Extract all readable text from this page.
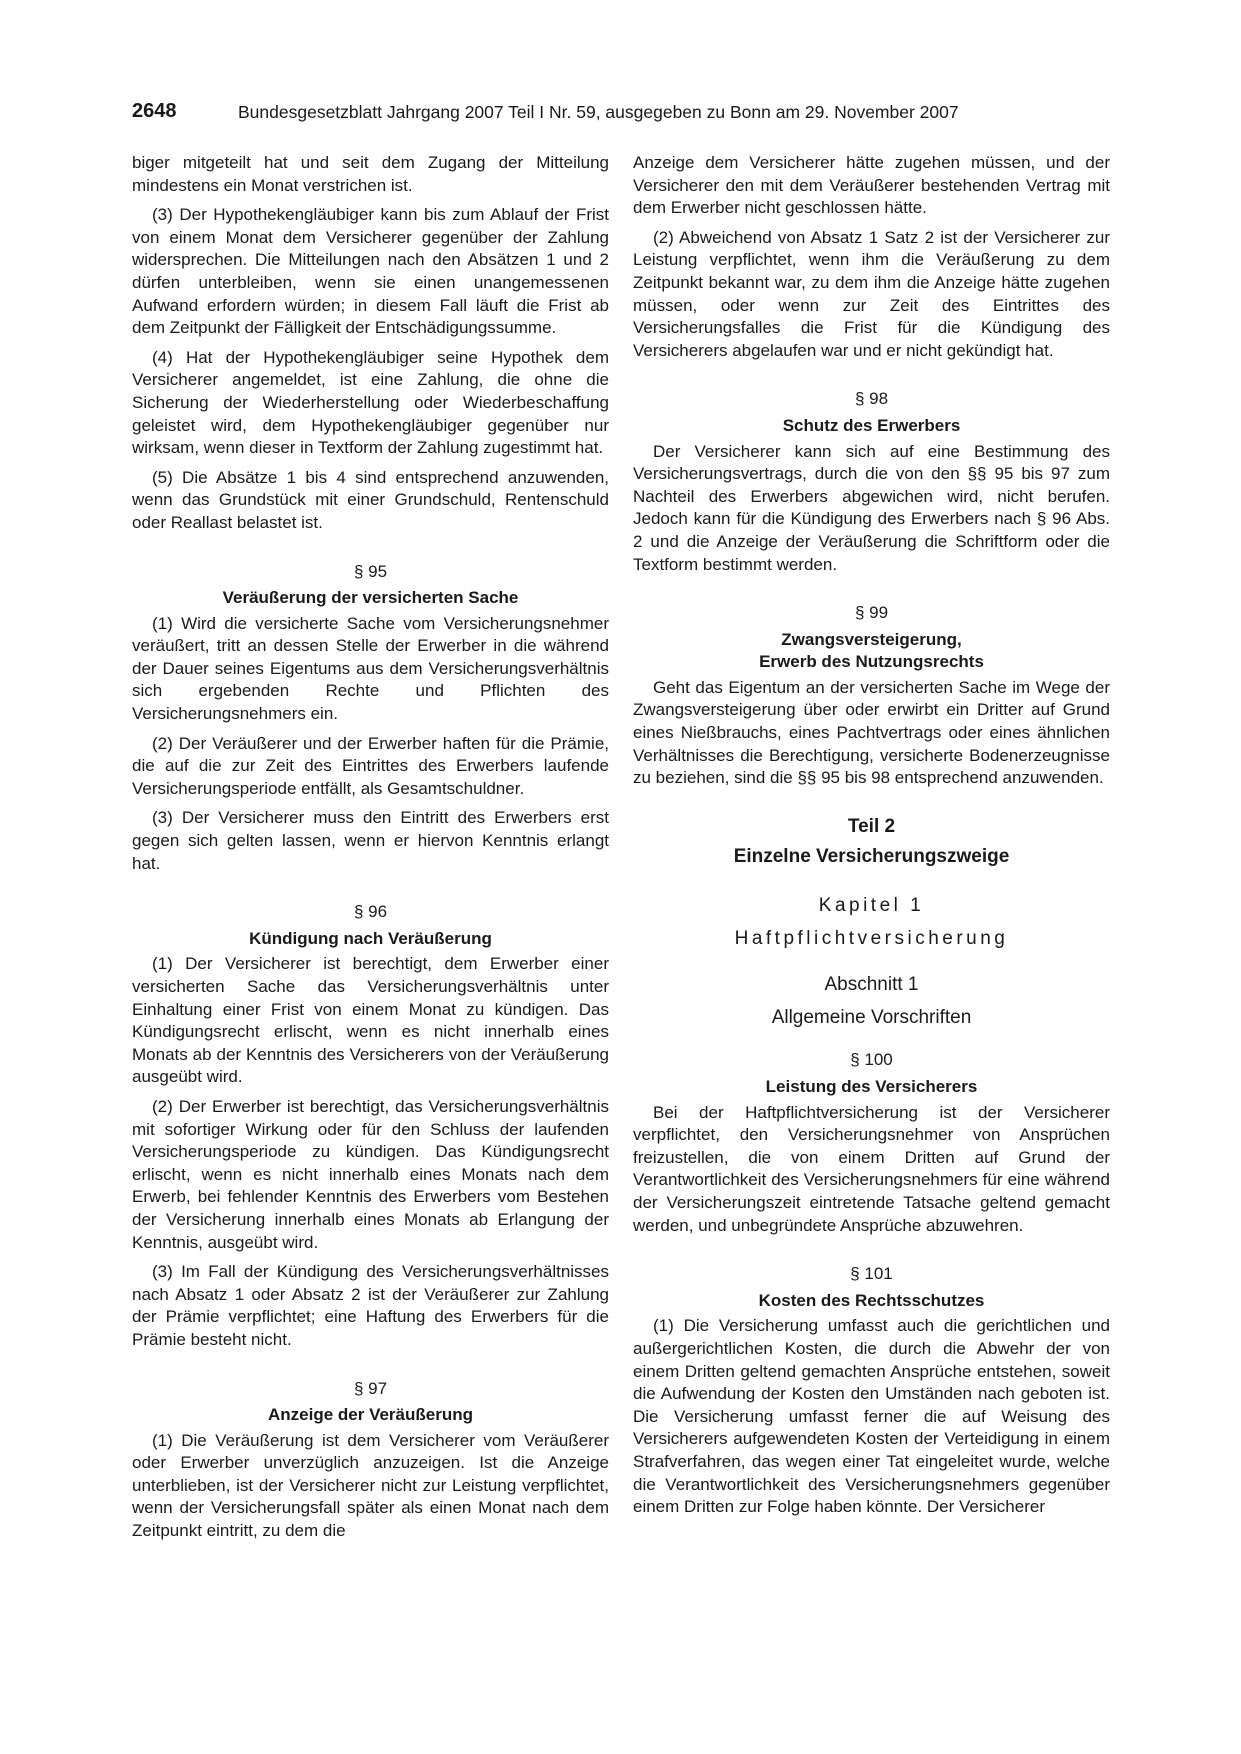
2648	Bundesgesetzblatt Jahrgang 2007 Teil I Nr. 59, ausgegeben zu Bonn am 29. November 2007

biger mitgeteilt hat und seit dem Zugang der Mitteilung mindestens ein Monat verstrichen ist.

(3) Der Hypothekengläubiger kann bis zum Ablauf der Frist von einem Monat dem Versicherer gegenüber der Zahlung widersprechen. Die Mitteilungen nach den Absätzen 1 und 2 dürfen unterbleiben, wenn sie einen unangemessenen Aufwand erfordern würden; in diesem Fall läuft die Frist ab dem Zeitpunkt der Fälligkeit der Entschädigungssumme.

(4) Hat der Hypothekengläubiger seine Hypothek dem Versicherer angemeldet, ist eine Zahlung, die ohne die Sicherung der Wiederherstellung oder Wiederbeschaffung geleistet wird, dem Hypothekengläubiger gegenüber nur wirksam, wenn dieser in Textform der Zahlung zugestimmt hat.

(5) Die Absätze 1 bis 4 sind entsprechend anzuwenden, wenn das Grundstück mit einer Grundschuld, Rentenschuld oder Reallast belastet ist.

§ 95
Veräußerung der versicherten Sache

(1) Wird die versicherte Sache vom Versicherungsnehmer veräußert, tritt an dessen Stelle der Erwerber in die während der Dauer seines Eigentums aus dem Versicherungsverhältnis sich ergebenden Rechte und Pflichten des Versicherungsnehmers ein.

(2) Der Veräußerer und der Erwerber haften für die Prämie, die auf die zur Zeit des Eintrittes des Erwerbers laufende Versicherungsperiode entfällt, als Gesamtschuldner.

(3) Der Versicherer muss den Eintritt des Erwerbers erst gegen sich gelten lassen, wenn er hiervon Kenntnis erlangt hat.

§ 96
Kündigung nach Veräußerung

(1) Der Versicherer ist berechtigt, dem Erwerber einer versicherten Sache das Versicherungsverhältnis unter Einhaltung einer Frist von einem Monat zu kündigen. Das Kündigungsrecht erlischt, wenn es nicht innerhalb eines Monats ab der Kenntnis des Versicherers von der Veräußerung ausgeübt wird.

(2) Der Erwerber ist berechtigt, das Versicherungsverhältnis mit sofortiger Wirkung oder für den Schluss der laufenden Versicherungsperiode zu kündigen. Das Kündigungsrecht erlischt, wenn es nicht innerhalb eines Monats nach dem Erwerb, bei fehlender Kenntnis des Erwerbers vom Bestehen der Versicherung innerhalb eines Monats ab Erlangung der Kenntnis, ausgeübt wird.

(3) Im Fall der Kündigung des Versicherungsverhältnisses nach Absatz 1 oder Absatz 2 ist der Veräußerer zur Zahlung der Prämie verpflichtet; eine Haftung des Erwerbers für die Prämie besteht nicht.

§ 97
Anzeige der Veräußerung

(1) Die Veräußerung ist dem Versicherer vom Veräußerer oder Erwerber unverzüglich anzuzeigen. Ist die Anzeige unterblieben, ist der Versicherer nicht zur Leistung verpflichtet, wenn der Versicherungsfall später als einen Monat nach dem Zeitpunkt eintritt, zu dem die

Anzeige dem Versicherer hätte zugehen müssen, und der Versicherer den mit dem Veräußerer bestehenden Vertrag mit dem Erwerber nicht geschlossen hätte.

(2) Abweichend von Absatz 1 Satz 2 ist der Versicherer zur Leistung verpflichtet, wenn ihm die Veräußerung zu dem Zeitpunkt bekannt war, zu dem ihm die Anzeige hätte zugehen müssen, oder wenn zur Zeit des Eintrittes des Versicherungsfalles die Frist für die Kündigung des Versicherers abgelaufen war und er nicht gekündigt hat.

§ 98
Schutz des Erwerbers

Der Versicherer kann sich auf eine Bestimmung des Versicherungsvertrags, durch die von den §§ 95 bis 97 zum Nachteil des Erwerbers abgewichen wird, nicht berufen. Jedoch kann für die Kündigung des Erwerbers nach § 96 Abs. 2 und die Anzeige der Veräußerung die Schriftform oder die Textform bestimmt werden.

§ 99
Zwangsversteigerung,
Erwerb des Nutzungsrechts

Geht das Eigentum an der versicherten Sache im Wege der Zwangsversteigerung über oder erwirbt ein Dritter auf Grund eines Nießbrauchs, eines Pachtvertrags oder eines ähnlichen Verhältnisses die Berechtigung, versicherte Bodenerzeugnisse zu beziehen, sind die §§ 95 bis 98 entsprechend anzuwenden.

Teil 2
Einzelne Versicherungszweige
Kapitel 1
Haftpflichtversicherung
Abschnitt 1
Allgemeine Vorschriften
§ 100
Leistung des Versicherers

Bei der Haftpflichtversicherung ist der Versicherer verpflichtet, den Versicherungsnehmer von Ansprüchen freizustellen, die von einem Dritten auf Grund der Verantwortlichkeit des Versicherungsnehmers für eine während der Versicherungszeit eintretende Tatsache geltend gemacht werden, und unbegründete Ansprüche abzuwehren.

§ 101
Kosten des Rechtsschutzes

(1) Die Versicherung umfasst auch die gerichtlichen und außergerichtlichen Kosten, die durch die Abwehr der von einem Dritten geltend gemachten Ansprüche entstehen, soweit die Aufwendung der Kosten den Umständen nach geboten ist. Die Versicherung umfasst ferner die auf Weisung des Versicherers aufgewendeten Kosten der Verteidigung in einem Strafverfahren, das wegen einer Tat eingeleitet wurde, welche die Verantwortlichkeit des Versicherungsnehmers gegenüber einem Dritten zur Folge haben könnte. Der Versicherer
